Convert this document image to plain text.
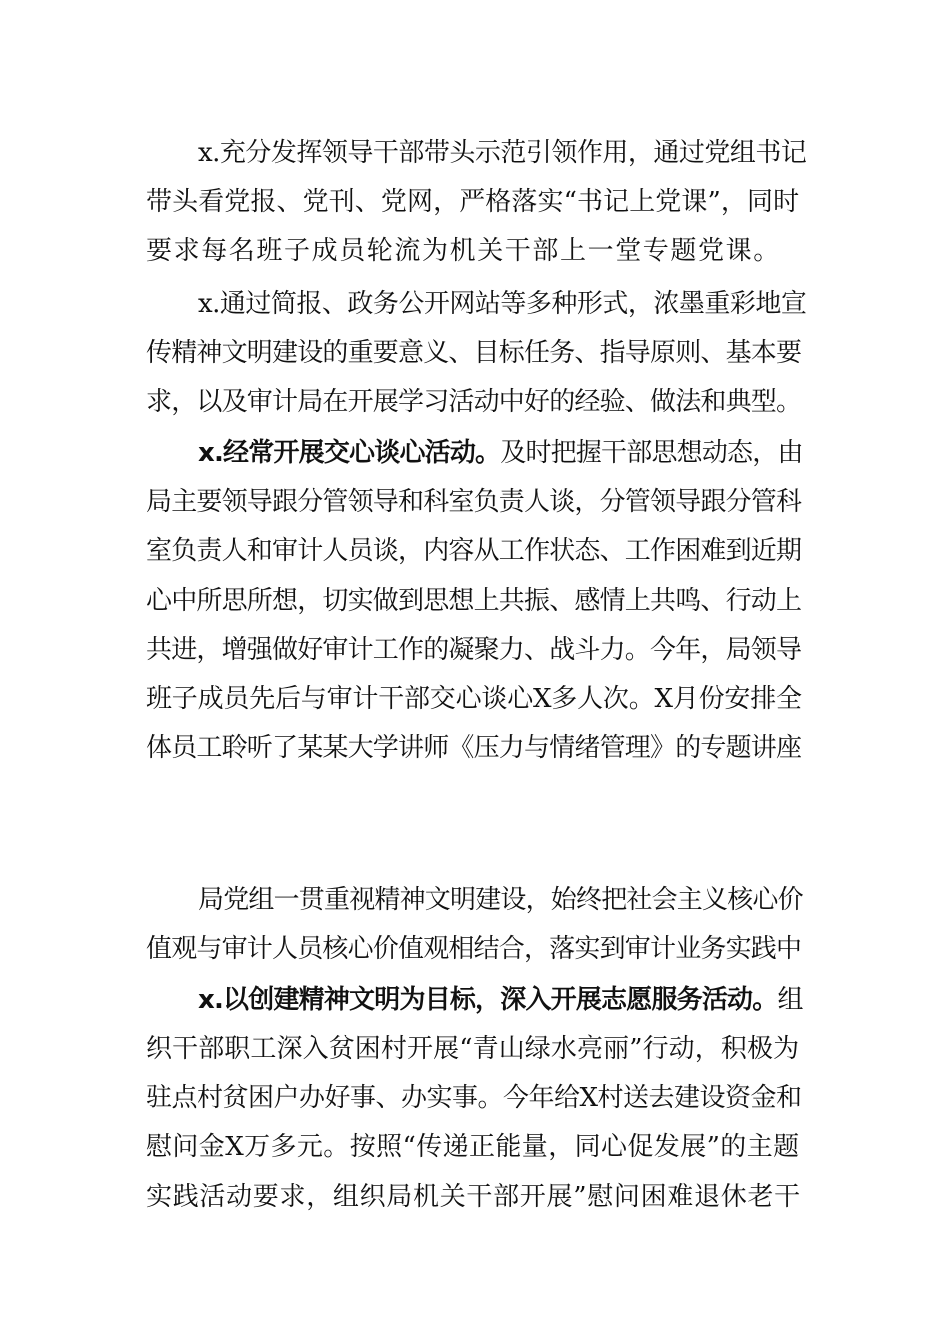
x.充分发挥领导干部带头示范引领作用，通过党组书记
带头看党报、党刊、党网，严格落实“书记上党课”，同时
要求每名班子成员轮流为机关干部上一堂专题党课。
x.通过简报、政务公开网站等多种形式，浓墨重彩地宣
传精神文明建设的重要意义、目标任务、指导原则、基本要
求，以及审计局在开展学习活动中好的经验、做法和典型。
x.经常开展交心谈心活动。及时把握干部思想动态，由
局主要领导跟分管领导和科室负责人谈，分管领导跟分管科
室负责人和审计人员谈，内容从工作状态、工作困难到近期
心中所思所想，切实做到思想上共振、感情上共鸣、行动上
共进，增强做好审计工作的凝聚力、战斗力。今年，局领导
班子成员先后与审计干部交心谈心X多人次。X月份安排全
体员工聆听了某某大学讲师《压力与情绪管理》的专题讲座
局党组一贯重视精神文明建设，始终把社会主义核心价
值观与审计人员核心价值观相结合，落实到审计业务实践中
x.以创建精神文明为目标，深入开展志愿服务活动。组
织干部职工深入贫困村开展“青山绿水亮丽”行动，积极为
驻点村贫困户办好事、办实事。今年给X村送去建设资金和
慰问金X万多元。按照“传递正能量，同心促发展”的主题
实践活动要求，组织局机关干部开展”慰问困难退休老干
